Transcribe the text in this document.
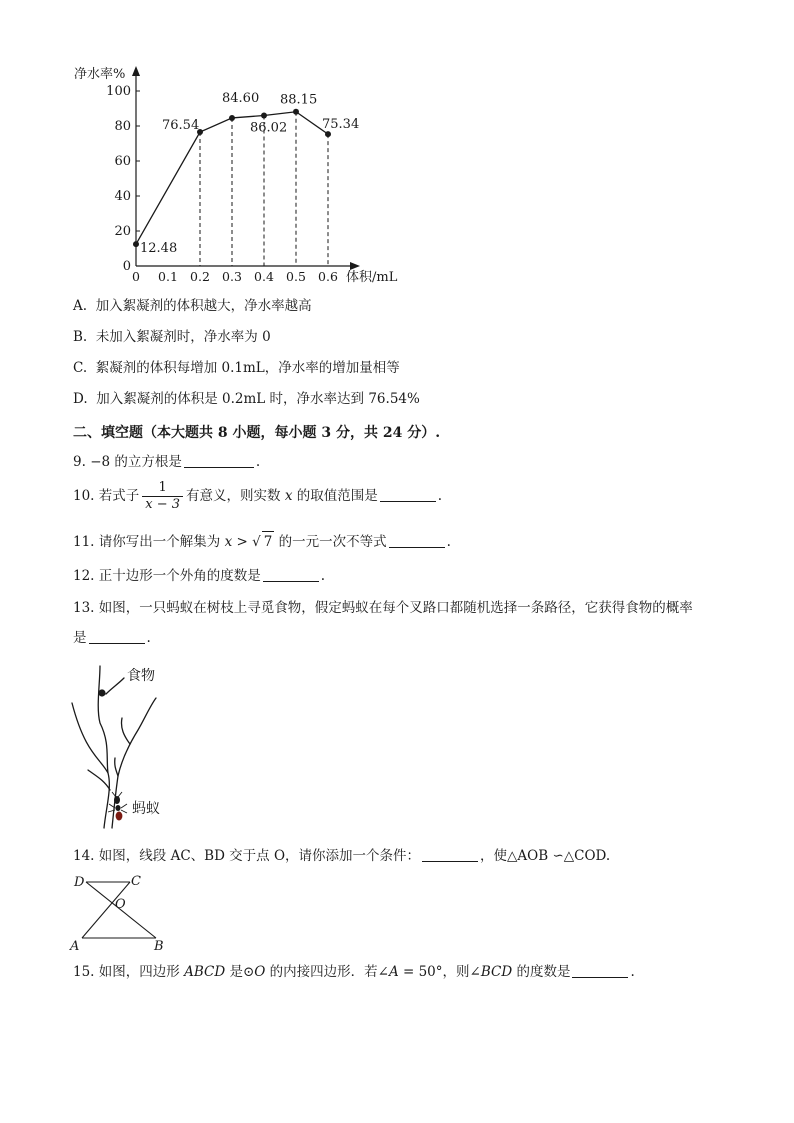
0
20
40
60
80
100
0 0.1 0.2 0.3 0.4 0.5 0.6
净水率%
体积/mL
12.48
76.54
84.60
86.02
88.15
75.34
A. 加入絮凝剂的体积越大，净水率越高
B. 未加入絮凝剂时，净水率为 0
C. 絮凝剂的体积每增加 0.1mL，净水率的增加量相等
D. 加入絮凝剂的体积是 0.2mL 时，净水率达到 76.54%
二、填空题（本大题共 8 小题，每小题 3 分，共 24 分）.
9. −8 的立方根是	.
10. 若式子 $\frac{1}{x - 3}$ 有意义，则实数 x 的取值范围是	.
11. 请你写出一个解集为 x > √ 7 的一元一次不等式	.
12. 正十边形一个外角的度数是	.
13. 如图，一只蚂蚁在树枝上寻觅食物，假定蚂蚁在每个叉路口都随机选择一条路径，它获得食物的概率
是	.
食物
蚂蚁
14. 如图，线段 AC、BD 交于点 O，请你添加一个条件：	，使△AOB ∽△COD.
D	C
O
A	B
15. 如图，四边形 ABCD 是⊙O 的内接四边形．若∠A = 50°，则∠BCD 的度数是	.
